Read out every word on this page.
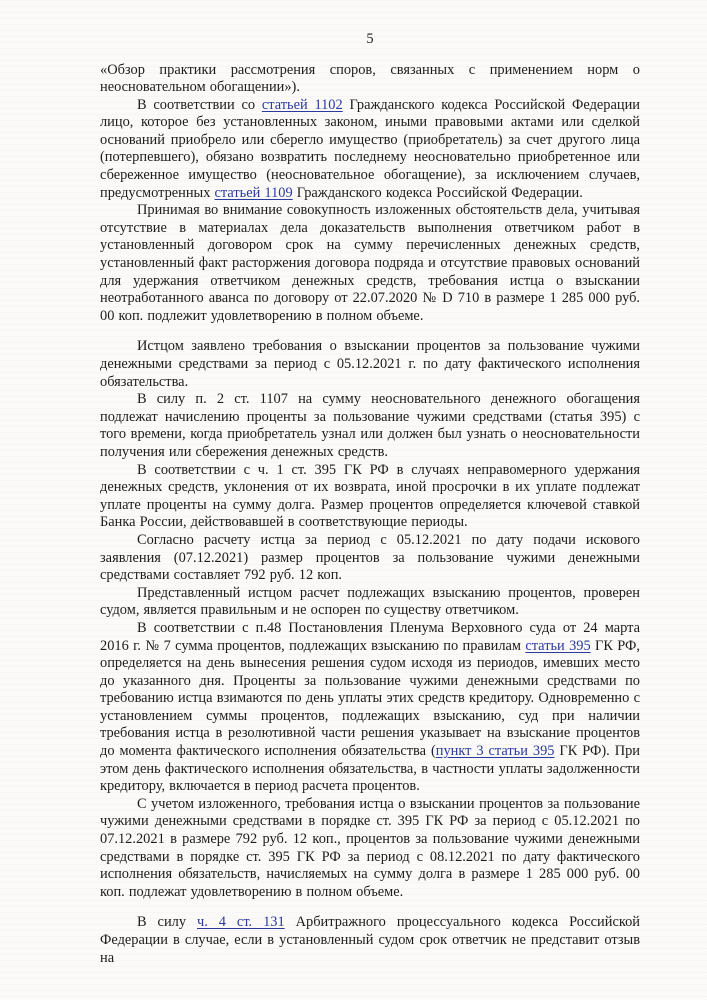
5

«Обзор практики рассмотрения споров, связанных с применением норм о неосновательном обогащении»).

В соответствии со статьей 1102 Гражданского кодекса Российской Федерации лицо, которое без установленных законом, иными правовыми актами или сделкой оснований приобрело или сберегло имущество (приобретатель) за счет другого лица (потерпевшего), обязано возвратить последнему неосновательно приобретенное или сбереженное имущество (неосновательное обогащение), за исключением случаев, предусмотренных статьей 1109 Гражданского кодекса Российской Федерации.

Принимая во внимание совокупность изложенных обстоятельств дела, учитывая отсутствие в материалах дела доказательств выполнения ответчиком работ в установленный договором срок на сумму перечисленных денежных средств, установленный факт расторжения договора подряда и отсутствие правовых оснований для удержания ответчиком денежных средств, требования истца о взыскании неотработанного аванса по договору от 22.07.2020 № D 710 в размере 1 285 000 руб. 00 коп. подлежит удовлетворению в полном объеме.

Истцом заявлено требования о взыскании процентов за пользование чужими денежными средствами за период с 05.12.2021 г. по дату фактического исполнения обязательства.

В силу п. 2 ст. 1107 на сумму неосновательного денежного обогащения подлежат начислению проценты за пользование чужими средствами (статья 395) с того времени, когда приобретатель узнал или должен был узнать о неосновательности получения или сбережения денежных средств.

В соответствии с ч. 1 ст. 395 ГК РФ в случаях неправомерного удержания денежных средств, уклонения от их возврата, иной просрочки в их уплате подлежат уплате проценты на сумму долга. Размер процентов определяется ключевой ставкой Банка России, действовавшей в соответствующие периоды.

Согласно расчету истца за период с 05.12.2021 по дату подачи искового заявления (07.12.2021) размер процентов за пользование чужими денежными средствами составляет 792 руб. 12 коп.

Представленный истцом расчет подлежащих взысканию процентов, проверен судом, является правильным и не оспорен по существу ответчиком.

В соответствии с п.48 Постановления Пленума Верховного суда от 24 марта 2016 г. № 7 сумма процентов, подлежащих взысканию по правилам статьи 395 ГК РФ, определяется на день вынесения решения судом исходя из периодов, имевших место до указанного дня. Проценты за пользование чужими денежными средствами по требованию истца взимаются по день уплаты этих средств кредитору. Одновременно с установлением суммы процентов, подлежащих взысканию, суд при наличии требования истца в резолютивной части решения указывает на взыскание процентов до момента фактического исполнения обязательства (пункт 3 статьи 395 ГК РФ). При этом день фактического исполнения обязательства, в частности уплаты задолженности кредитору, включается в период расчета процентов.

С учетом изложенного, требования истца о взыскании процентов за пользование чужими денежными средствами в порядке ст. 395 ГК РФ за период с 05.12.2021 по 07.12.2021 в размере 792 руб. 12 коп., процентов за пользование чужими денежными средствами в порядке ст. 395 ГК РФ за период с 08.12.2021 по дату фактического исполнения обязательств, начисляемых на сумму долга в размере 1 285 000 руб. 00 коп. подлежат удовлетворению в полном объеме.

В силу ч. 4 ст. 131 Арбитражного процессуального кодекса Российской Федерации в случае, если в установленный судом срок ответчик не представит отзыв на
